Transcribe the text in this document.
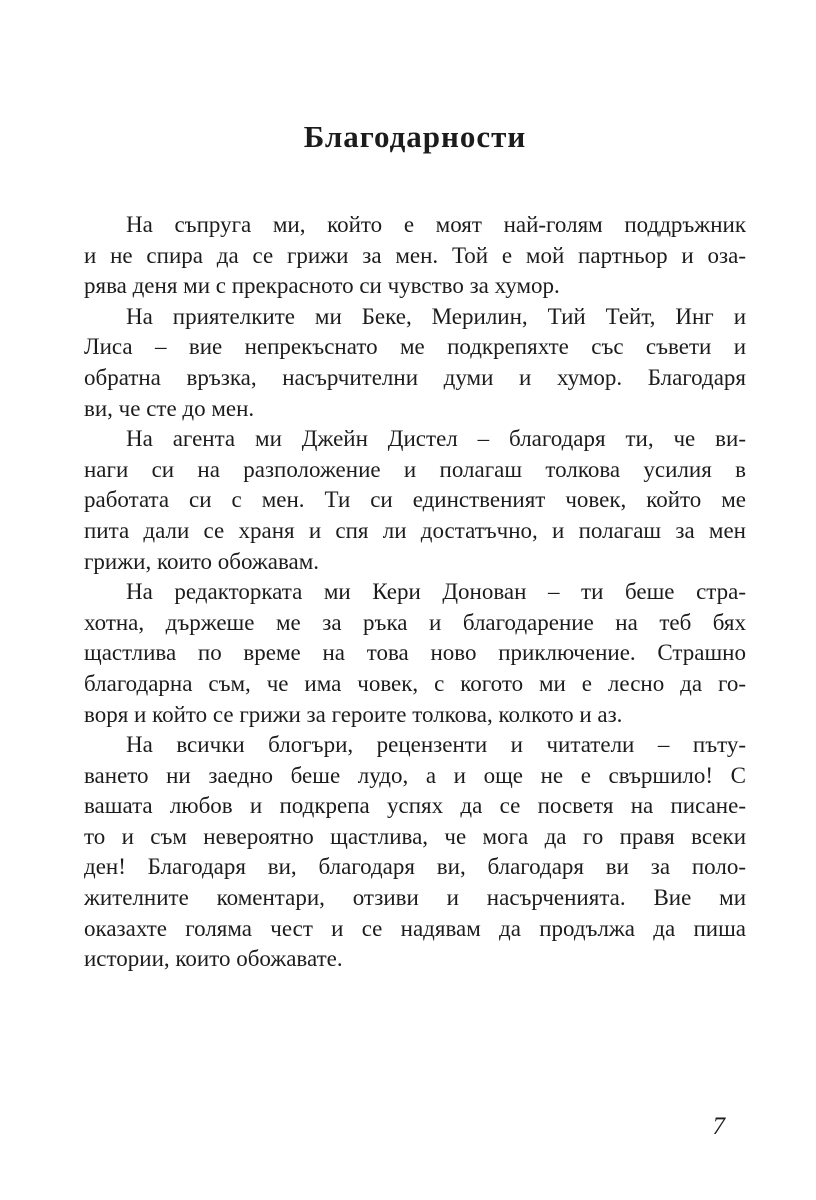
Благодарности
На съпруга ми, който е моят най-голям поддръжник
и не спира да се грижи за мен. Той е мой партньор и оза-
рява деня ми с прекрасното си чувство за хумор.
На приятелките ми Беке, Мерилин, Тий Тейт, Инг и
Лиса – вие непрекъснато ме подкрепяхте със съвети и
обратна връзка, насърчителни думи и хумор. Благодаря
ви, че сте до мен.
На агента ми Джейн Дистел – благодаря ти, че ви-
наги си на разположение и полагаш толкова усилия в
работата си с мен. Ти си единственият човек, който ме
пита дали се храня и спя ли достатъчно, и полагаш за мен
грижи, които обожавам.
На редакторката ми Кери Донован – ти беше стра-
хотна, държеше ме за ръка и благодарение на теб бях
щастлива по време на това ново приключение. Страшно
благодарна съм, че има човек, с когото ми е лесно да го-
воря и който се грижи за героите толкова, колкото и аз.
На всички блогъри, рецензенти и читатели – пъту-
ването ни заедно беше лудо, а и още не е свършило! С
вашата любов и подкрепа успях да се посветя на писане-
то и съм невероятно щастлива, че мога да го правя всеки
ден! Благодаря ви, благодаря ви, благодаря ви за поло-
жителните коментари, отзиви и насърченията. Вие ми
оказахте голяма чест и се надявам да продължа да пиша
истории, които обожавате.
7
